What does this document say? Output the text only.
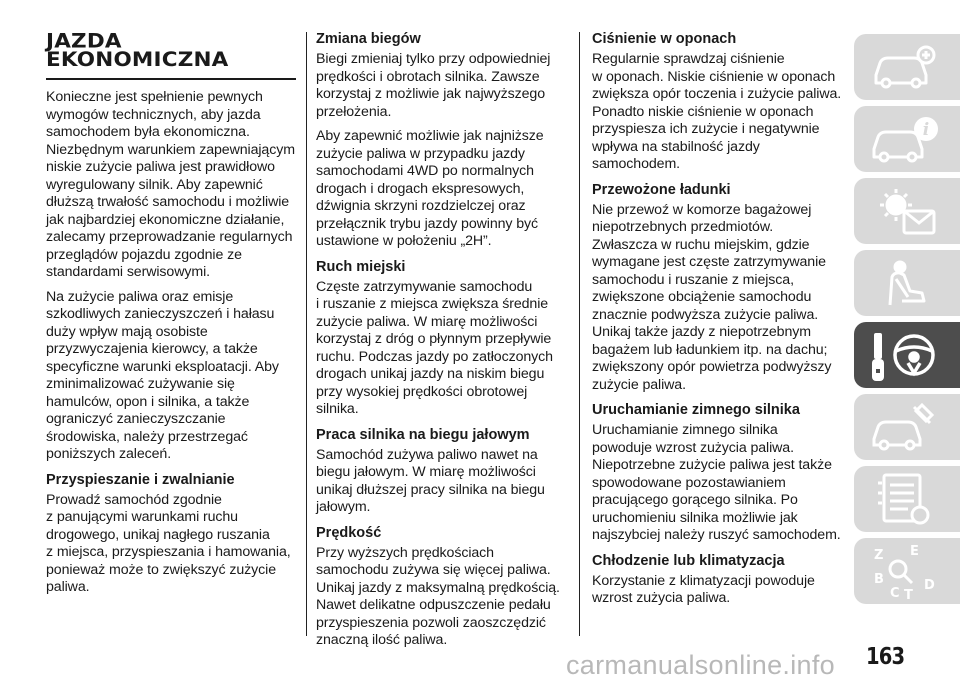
JAZDA
EKONOMICZNA

Konieczne jest spełnienie pewnych
wymogów technicznych, aby jazda
samochodem była ekonomiczna.
Niezbędnym warunkiem zapewniającym
niskie zużycie paliwa jest prawidłowo
wyregulowany silnik. Aby zapewnić
dłuższą trwałość samochodu i możliwie
jak najbardziej ekonomiczne działanie,
zalecamy przeprowadzanie regularnych
przeglądów pojazdu zgodnie ze
standardami serwisowymi.

Na zużycie paliwa oraz emisje
szkodliwych zanieczyszczeń i hałasu
duży wpływ mają osobiste
przyzwyczajenia kierowcy, a także
specyficzne warunki eksploatacji. Aby
zminimalizować zużywanie się
hamulców, opon i silnika, a także
ograniczyć zanieczyszczanie
środowiska, należy przestrzegać
poniższych zaleceń.

Przyspieszanie i zwalnianie

Prowadź samochód zgodnie
z panującymi warunkami ruchu
drogowego, unikaj nagłego ruszania
z miejsca, przyspieszania i hamowania,
ponieważ może to zwiększyć zużycie
paliwa.

Zmiana biegów

Biegi zmieniaj tylko przy odpowiedniej
prędkości i obrotach silnika. Zawsze
korzystaj z możliwie jak najwyższego
przełożenia.

Aby zapewnić możliwie jak najniższe
zużycie paliwa w przypadku jazdy
samochodami 4WD po normalnych
drogach i drogach ekspresowych,
dźwignia skrzyni rozdzielczej oraz
przełącznik trybu jazdy powinny być
ustawione w położeniu „2H”.

Ruch miejski

Częste zatrzymywanie samochodu
i ruszanie z miejsca zwiększa średnie
zużycie paliwa. W miarę możliwości
korzystaj z dróg o płynnym przepływie
ruchu. Podczas jazdy po zatłoczonych
drogach unikaj jazdy na niskim biegu
przy wysokiej prędkości obrotowej
silnika.

Praca silnika na biegu jałowym

Samochód zużywa paliwo nawet na
biegu jałowym. W miarę możliwości
unikaj dłuższej pracy silnika na biegu
jałowym.

Prędkość

Przy wyższych prędkościach
samochodu zużywa się więcej paliwa.
Unikaj jazdy z maksymalną prędkością.
Nawet delikatne odpuszczenie pedału
przyspieszenia pozwoli zaoszczędzić
znaczną ilość paliwa.

Ciśnienie w oponach

Regularnie sprawdzaj ciśnienie
w oponach. Niskie ciśnienie w oponach
zwiększa opór toczenia i zużycie paliwa.
Ponadto niskie ciśnienie w oponach
przyspiesza ich zużycie i negatywnie
wpływa na stabilność jazdy
samochodem.

Przewożone ładunki

Nie przewoź w komorze bagażowej
niepotrzebnych przedmiotów.
Zwłaszcza w ruchu miejskim, gdzie
wymagane jest częste zatrzymywanie
samochodu i ruszanie z miejsca,
zwiększone obciążenie samochodu
znacznie podwyższa zużycie paliwa.
Unikaj także jazdy z niepotrzebnym
bagażem lub ładunkiem itp. na dachu;
zwiększony opór powietrza podwyższy
zużycie paliwa.

Uruchamianie zimnego silnika

Uruchamianie zimnego silnika
powoduje wzrost zużycia paliwa.
Niepotrzebne zużycie paliwa jest także
spowodowane pozostawianiem
pracującego gorącego silnika. Po
uruchomieniu silnika możliwie jak
najszybciej należy ruszyć samochodem.

Chłodzenie lub klimatyzacja

Korzystanie z klimatyzacji powoduje
wzrost zużycia paliwa.

i
Z E
B
C T
D
163
carmanualsonline.info
